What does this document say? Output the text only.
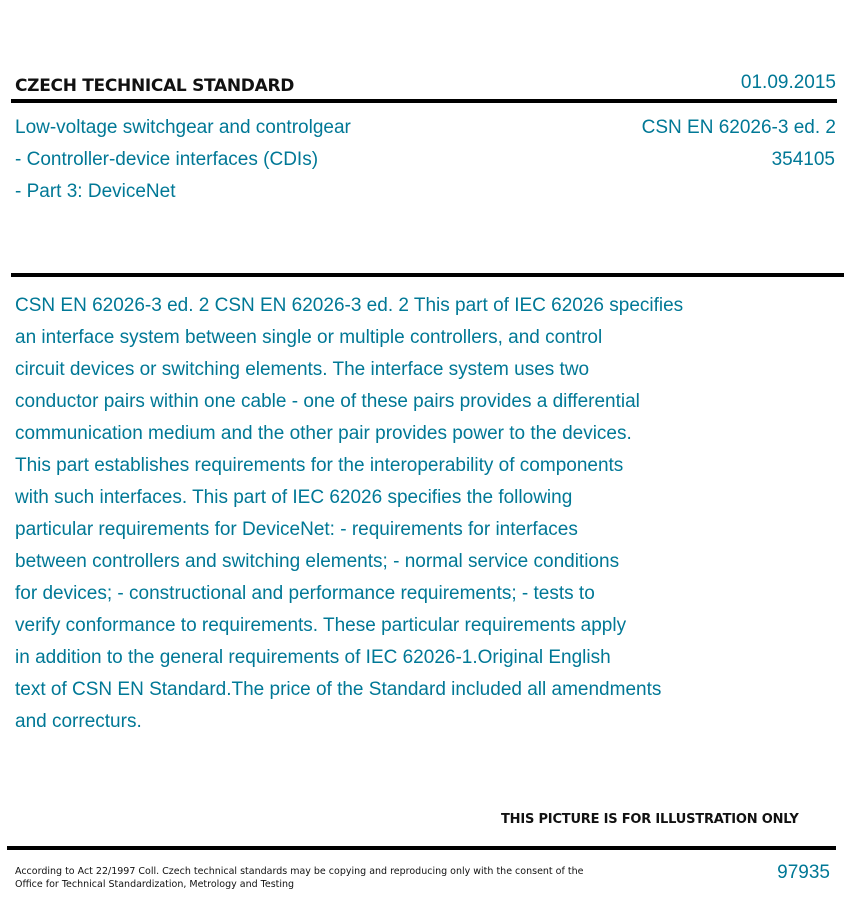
CZECH TECHNICAL STANDARD	01.09.2015
Low-voltage switchgear and controlgear
- Controller-device interfaces (CDIs)
- Part 3: DeviceNet
CSN EN 62026-3 ed. 2
354105

CSN EN 62026-3 ed. 2 CSN EN 62026-3 ed. 2 This part of IEC 62026 specifies
an interface system between single or multiple controllers, and control
circuit devices or switching elements. The interface system uses two
conductor pairs within one cable - one of these pairs provides a differential
communication medium and the other pair provides power to the devices.
This part establishes requirements for the interoperability of components
with such interfaces. This part of IEC 62026 specifies the following
particular requirements for DeviceNet: - requirements for interfaces
between controllers and switching elements; - normal service conditions
for devices; - constructional and performance requirements; - tests to
verify conformance to requirements. These particular requirements apply
in addition to the general requirements of IEC 62026-1.Original English
text of CSN EN Standard.The price of the Standard included all amendments
and correcturs.

THIS PICTURE IS FOR ILLUSTRATION ONLY
According to Act 22/1997 Coll. Czech technical standards may be copying and reproducing only with the consent of the Office for Technical Standardization, Metrology and Testing
97935
